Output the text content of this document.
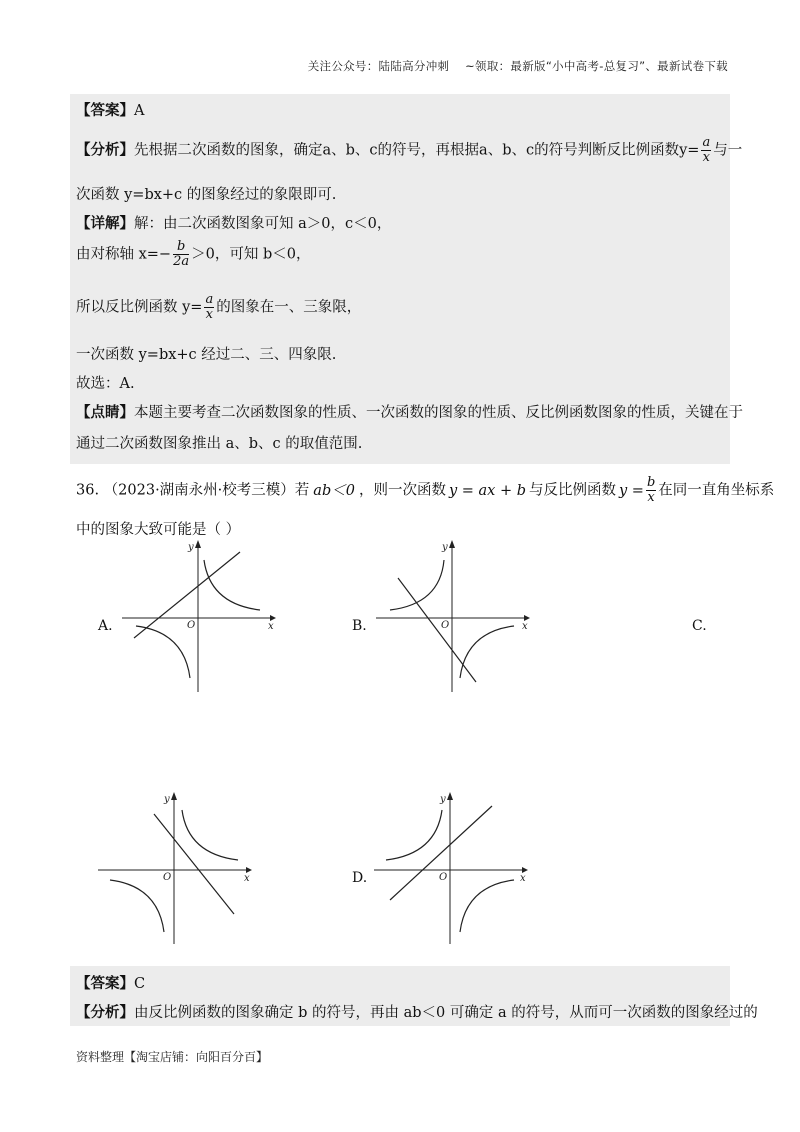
关注公众号：陆陆高分冲刺　 ~领取：最新版“小中高考-总复习”、最新试卷下载
【答案】A
【分析】先根据二次函数的图象，确定a、b、c的符号，再根据a、b、c的符号判断反比例函数$y= \frac{a}{x}$ 与一
次函数 y=bx+c 的图象经过的象限即可.
【详解】解：由二次函数图象可知 a＞0，c＜0，
由对称轴 $x=- \frac{b}{2a} >0$，可知 b＜0，
所以反比例函数 $y= \frac{a}{x}$ 的图象在一、三象限，
一次函数 y=bx+c 经过二、三、四象限.
故选：A.
【点睛】本题主要考查二次函数图象的性质、一次函数的图象的性质、反比例函数图象的性质，关键在于
通过二次函数图象推出 a、b、c 的取值范围.
36. （2023·湖南永州·校考三模）若 ab＜0 ，则一次函数 y = ax + b 与反比例函数 $y = \frac{b}{x}$ 在同一直角坐标系
中的图象大致可能是（ ）
A.	B.	C.
D.
x
y
O	x
y
O
x
y
O	x
y
O
【答案】C
【分析】由反比例函数的图象确定 b 的符号，再由 ab＜0 可确定 a 的符号，从而可一次函数的图象经过的
资料整理【淘宝店铺：向阳百分百】
